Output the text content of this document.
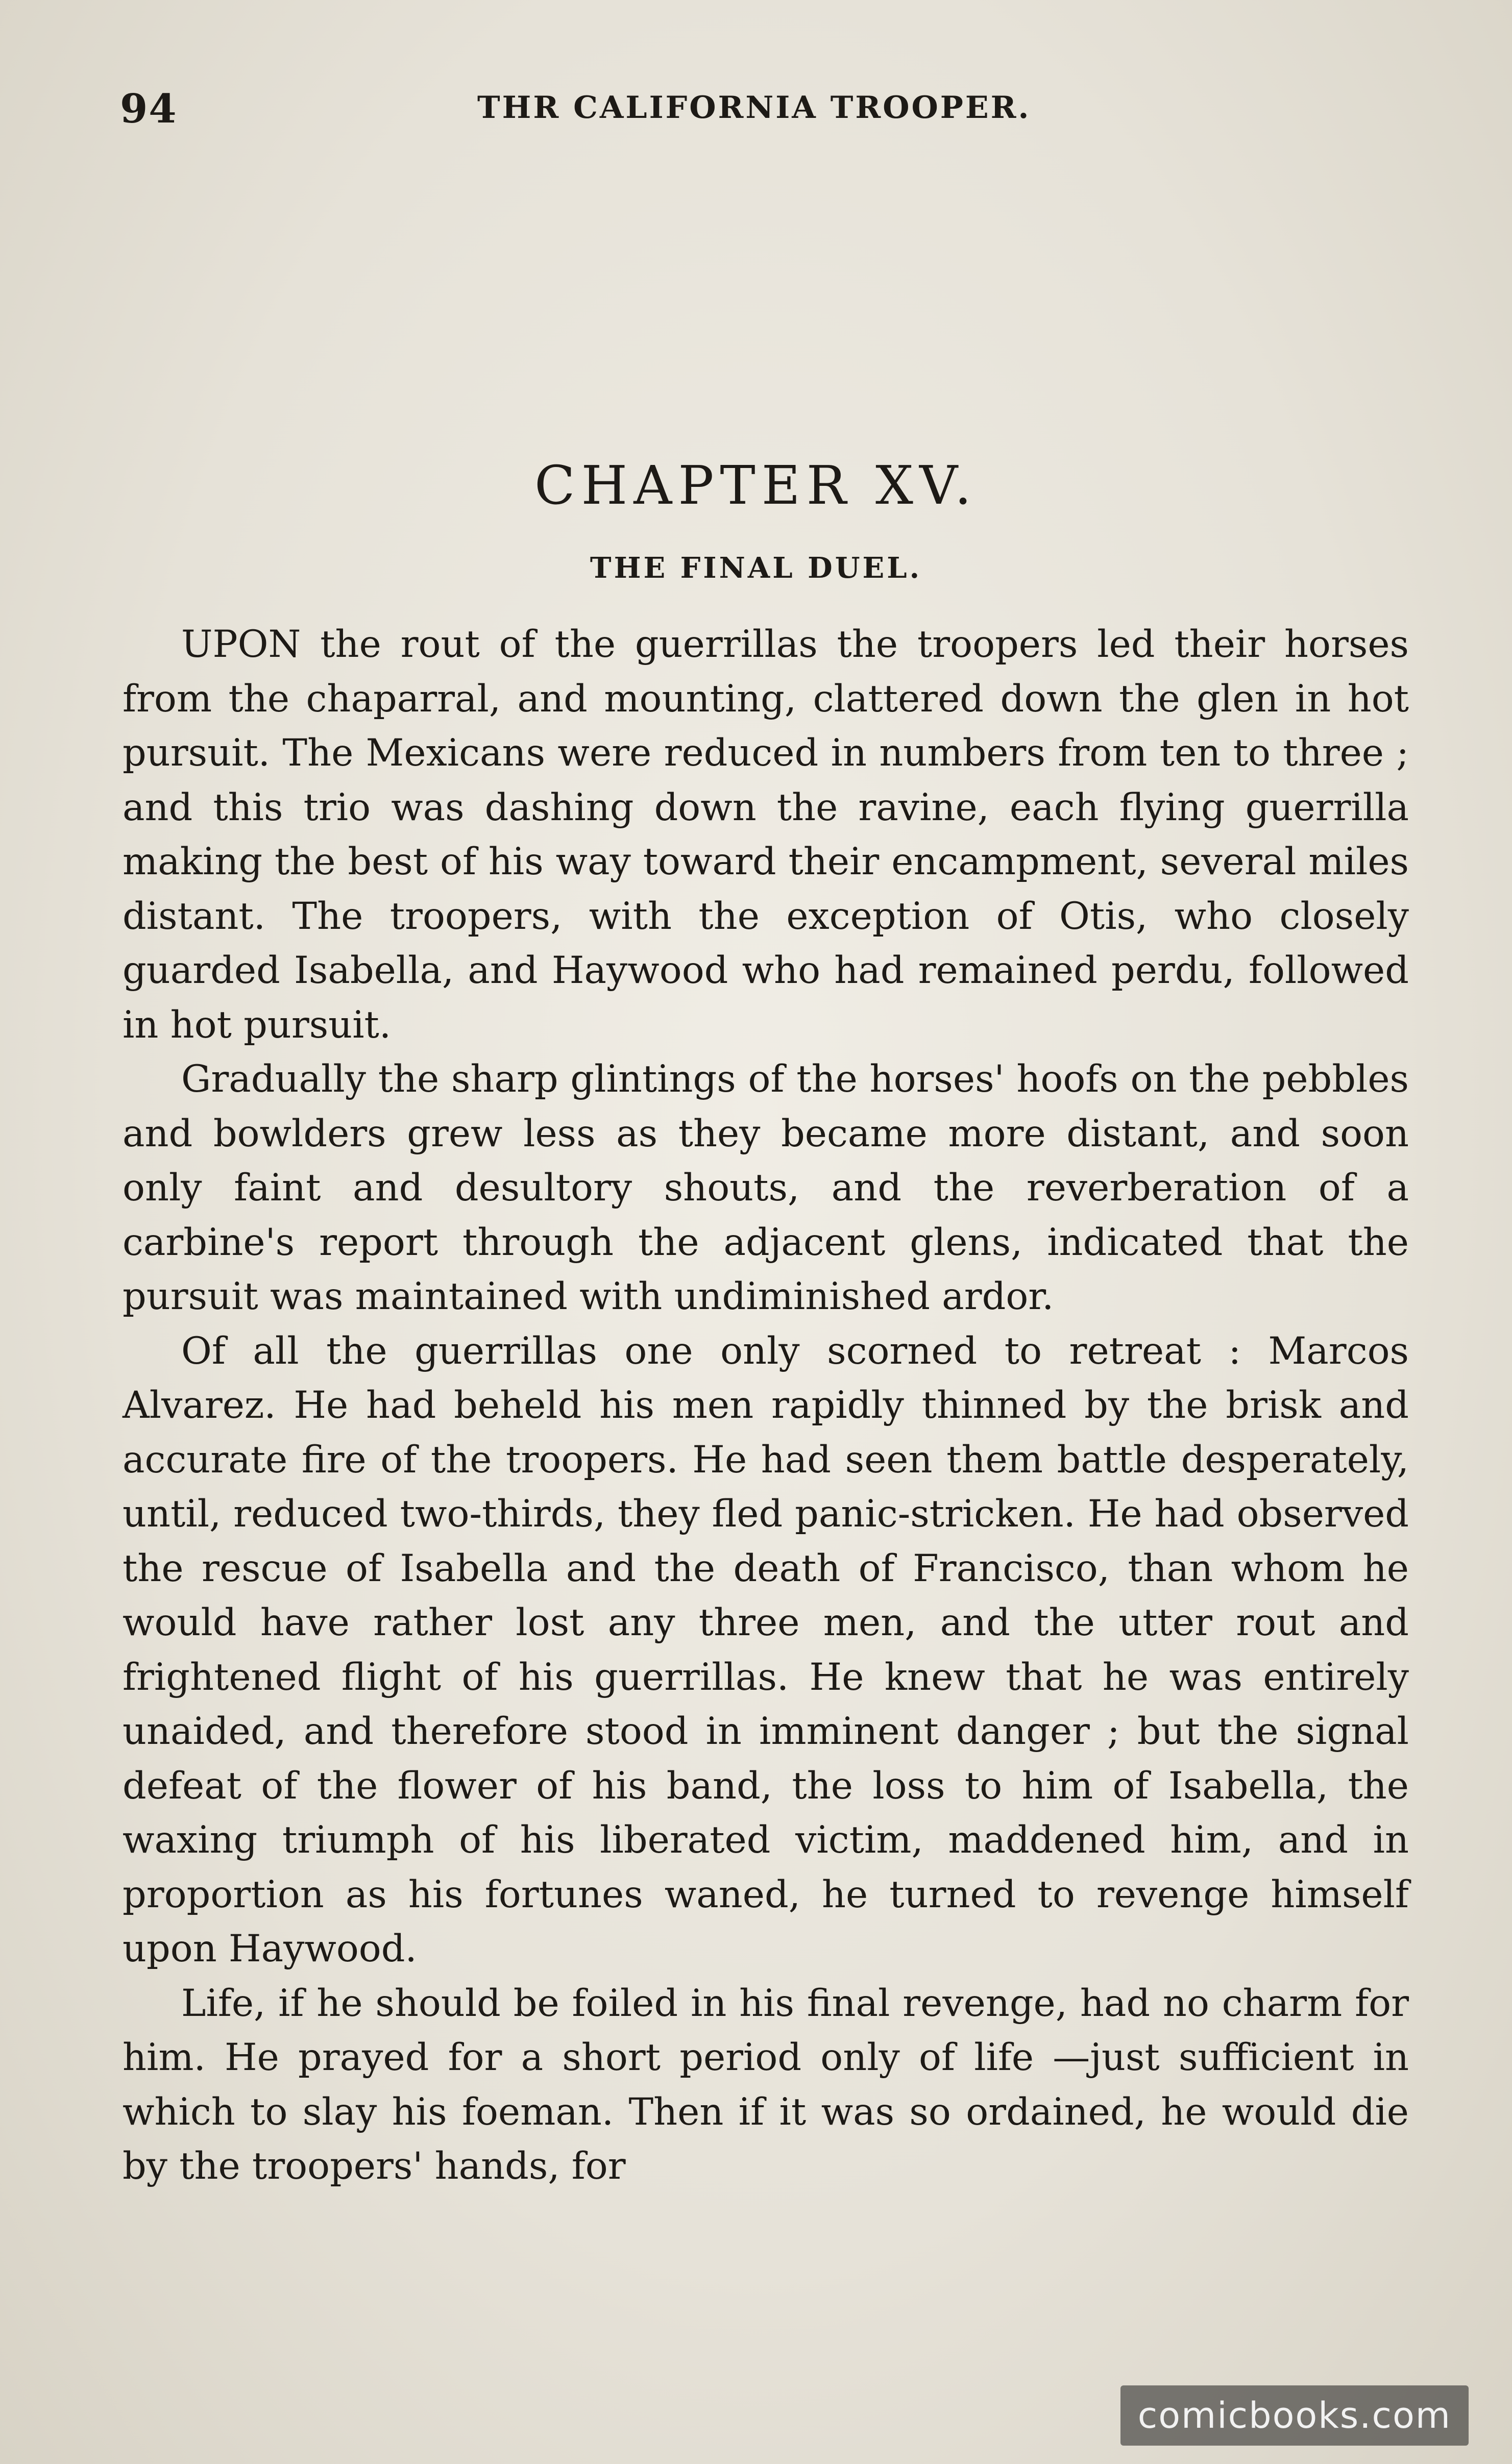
94	THR CALIFORNIA TROOPER.
CHAPTER XV.
THE FINAL DUEL.

UPON the rout of the guerrillas the troopers led their horses from the chaparral, and mounting, clattered down the glen in hot pursuit. The Mexicans were reduced in numbers from ten to three ; and this trio was dashing down the ravine, each flying guerrilla making the best of his way toward their encampment, several miles distant. The troopers, with the exception of Otis, who closely guarded Isabella, and Haywood who had remained perdu, followed in hot pursuit.

Gradually the sharp glintings of the horses' hoofs on the pebbles and bowlders grew less as they became more distant, and soon only faint and desultory shouts, and the reverberation of a carbine's report through the adjacent glens, indicated that the pursuit was maintained with undiminished ardor.

Of all the guerrillas one only scorned to retreat : Marcos Alvarez. He had beheld his men rapidly thinned by the brisk and accurate fire of the troopers. He had seen them battle desperately, until, reduced two-thirds, they fled panic-stricken. He had observed the rescue of Isabella and the death of Francisco, than whom he would have rather lost any three men, and the utter rout and frightened flight of his guerrillas. He knew that he was entirely unaided, and therefore stood in imminent danger ; but the signal defeat of the flower of his band, the loss to him of Isabella, the waxing triumph of his liberated victim, maddened him, and in proportion as his fortunes waned, he turned to revenge himself upon Haywood.

Life, if he should be foiled in his final revenge, had no charm for him. He prayed for a short period only of life —just sufficient in which to slay his foeman. Then if it was so ordained, he would die by the troopers' hands, for

comicbooks.com
